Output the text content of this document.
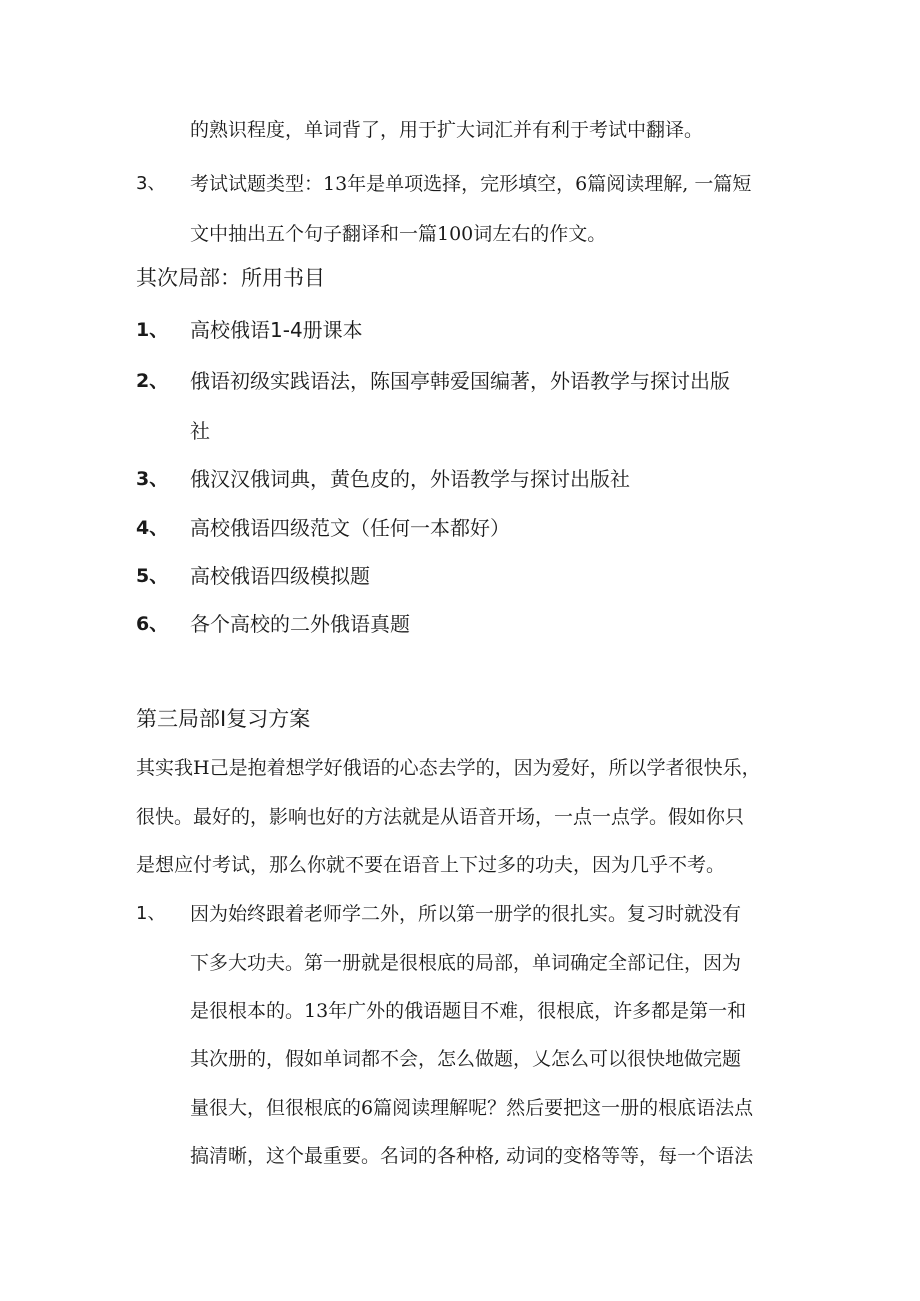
的熟识程度，单词背了，用于扩大词汇并有利于考试中翻译。
3、 考试试题类型：13年是单项选择，完形填空，6篇阅读理解, 一篇短
文中抽出五个句子翻译和一篇100词左右的作文。
其次局部：所用书目
1、 高校俄语1-4册课本
2、 俄语初级实践语法，陈国亭韩爱国编著，外语教学与探讨出版
社
3、 俄汉汉俄词典，黄色皮的，外语教学与探讨出版社
4、 高校俄语四级范文（任何一本都好）
5、 高校俄语四级模拟题
6、 各个高校的二外俄语真题
第三局部I复习方案
其实我H己是抱着想学好俄语的心态去学的，因为爱好，所以学者很快乐，
很快。最好的，影响也好的方法就是从语音开场，一点一点学。假如你只
是想应付考试，那么你就不要在语音上下过多的功夫，因为几乎不考。
1、 因为始终跟着老师学二外，所以第一册学的很扎实。复习时就没有
下多大功夫。第一册就是很根底的局部，单词确定全部记住，因为
是很根本的。13年广外的俄语题目不难，很根底，许多都是第一和
其次册的，假如单词都不会，怎么做题，乂怎么可以很快地做完题
量很大，但很根底的6篇阅读理解呢？然后要把这一册的根底语法点
搞清晰，这个最重要。名词的各种格, 动词的变格等等，每一个语法
